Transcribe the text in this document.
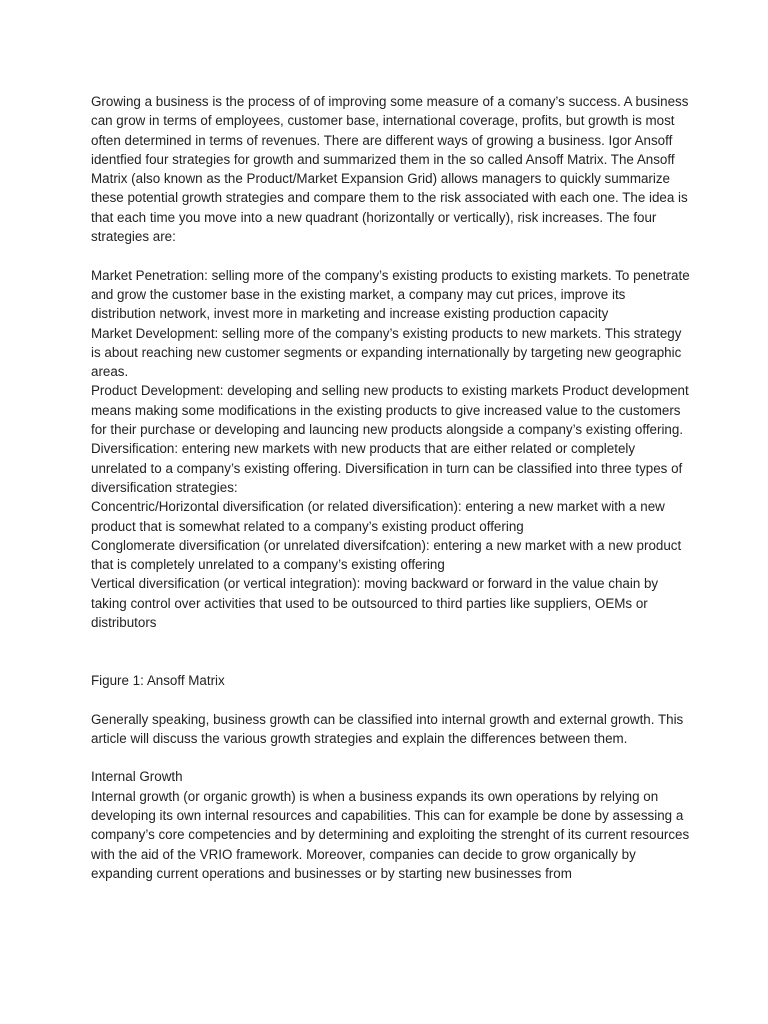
Growing a business is the process of of improving some measure of a comany’s success. A business can grow in terms of employees, customer base, international coverage, profits, but growth is most often determined in terms of revenues. There are different ways of growing a business. Igor Ansoff identfied four strategies for growth and summarized them in the so called Ansoff Matrix. The Ansoff Matrix (also known as the Product/Market Expansion Grid) allows managers to quickly summarize these potential growth strategies and compare them to the risk associated with each one. The idea is that each time you move into a new quadrant (horizontally or vertically), risk increases. The four strategies are:

Market Penetration: selling more of the company’s existing products to existing markets. To penetrate and grow the customer base in the existing market, a company may cut prices, improve its distribution network, invest more in marketing and increase existing production capacity

Market Development: selling more of the company’s existing products to new markets. This strategy is about reaching new customer segments or expanding internationally by targeting new geographic areas.

Product Development: developing and selling new products to existing markets Product development means making some modifications in the existing products to give increased value to the customers for their purchase or developing and launcing new products alongside a company’s existing offering.

Diversification: entering new markets with new products that are either related or completely unrelated to a company’s existing offering. Diversification in turn can be classified into three types of diversification strategies:

Concentric/Horizontal diversification (or related diversification): entering a new market with a new product that is somewhat related to a company’s existing product offering

Conglomerate diversification (or unrelated diversifcation): entering a new market with a new product that is completely unrelated to a company’s existing offering

Vertical diversification (or vertical integration): moving backward or forward in the value chain by taking control over activities that used to be outsourced to third parties like suppliers, OEMs or distributors

Figure 1: Ansoff Matrix

Generally speaking, business growth can be classified into internal growth and external growth. This article will discuss the various growth strategies and explain the differences between them.

Internal Growth

Internal growth (or organic growth) is when a business expands its own operations by relying on developing its own internal resources and capabilities. This can for example be done by assessing a company’s core competencies and by determining and exploiting the strenght of its current resources with the aid of the VRIO framework. Moreover, companies can decide to grow organically by expanding current operations and businesses or by starting new businesses from
